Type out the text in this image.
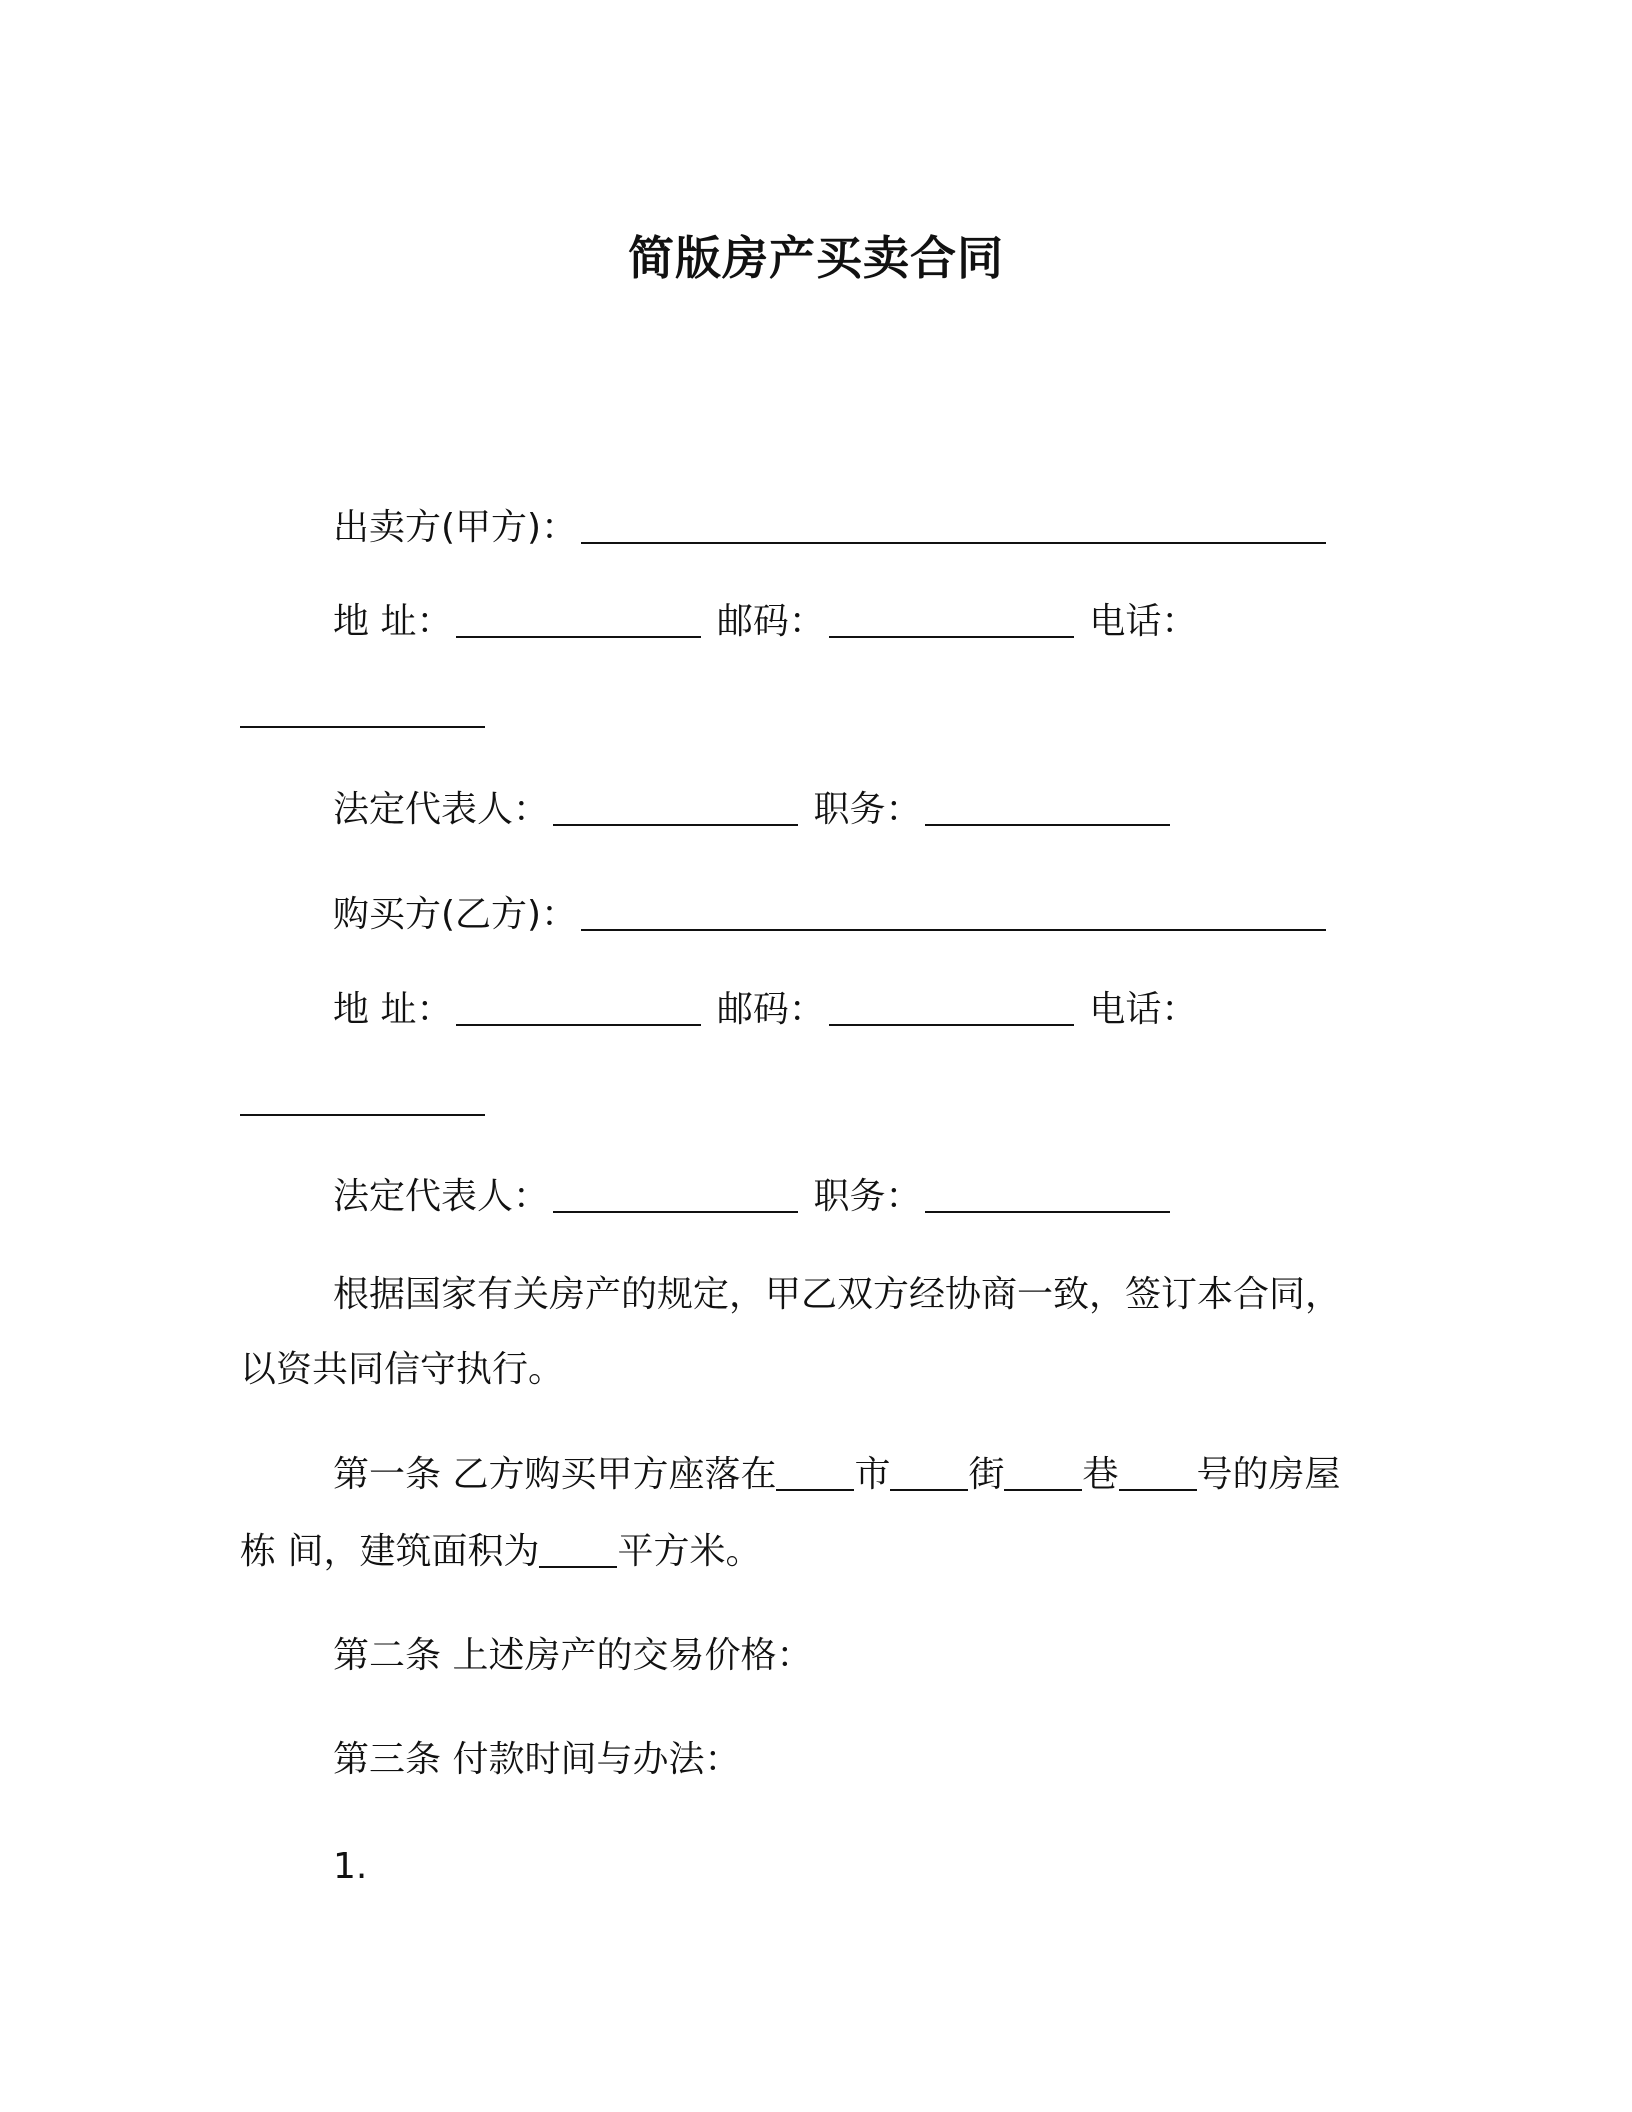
简版房产买卖合同
出卖方(甲方)：
地 址：	邮码：	电话：
法定代表人：	职务：
购买方(乙方)：
地 址：	邮码：	电话：
法定代表人：	职务：
根据国家有关房产的规定，甲乙双方经协商一致，签订本合同，
以资共同信守执行。
第一条 乙方购买甲方座落在 市 街 巷 号的房屋
栋 间，建筑面积为 平方米。
第二条 上述房产的交易价格：
第三条 付款时间与办法：
1.
